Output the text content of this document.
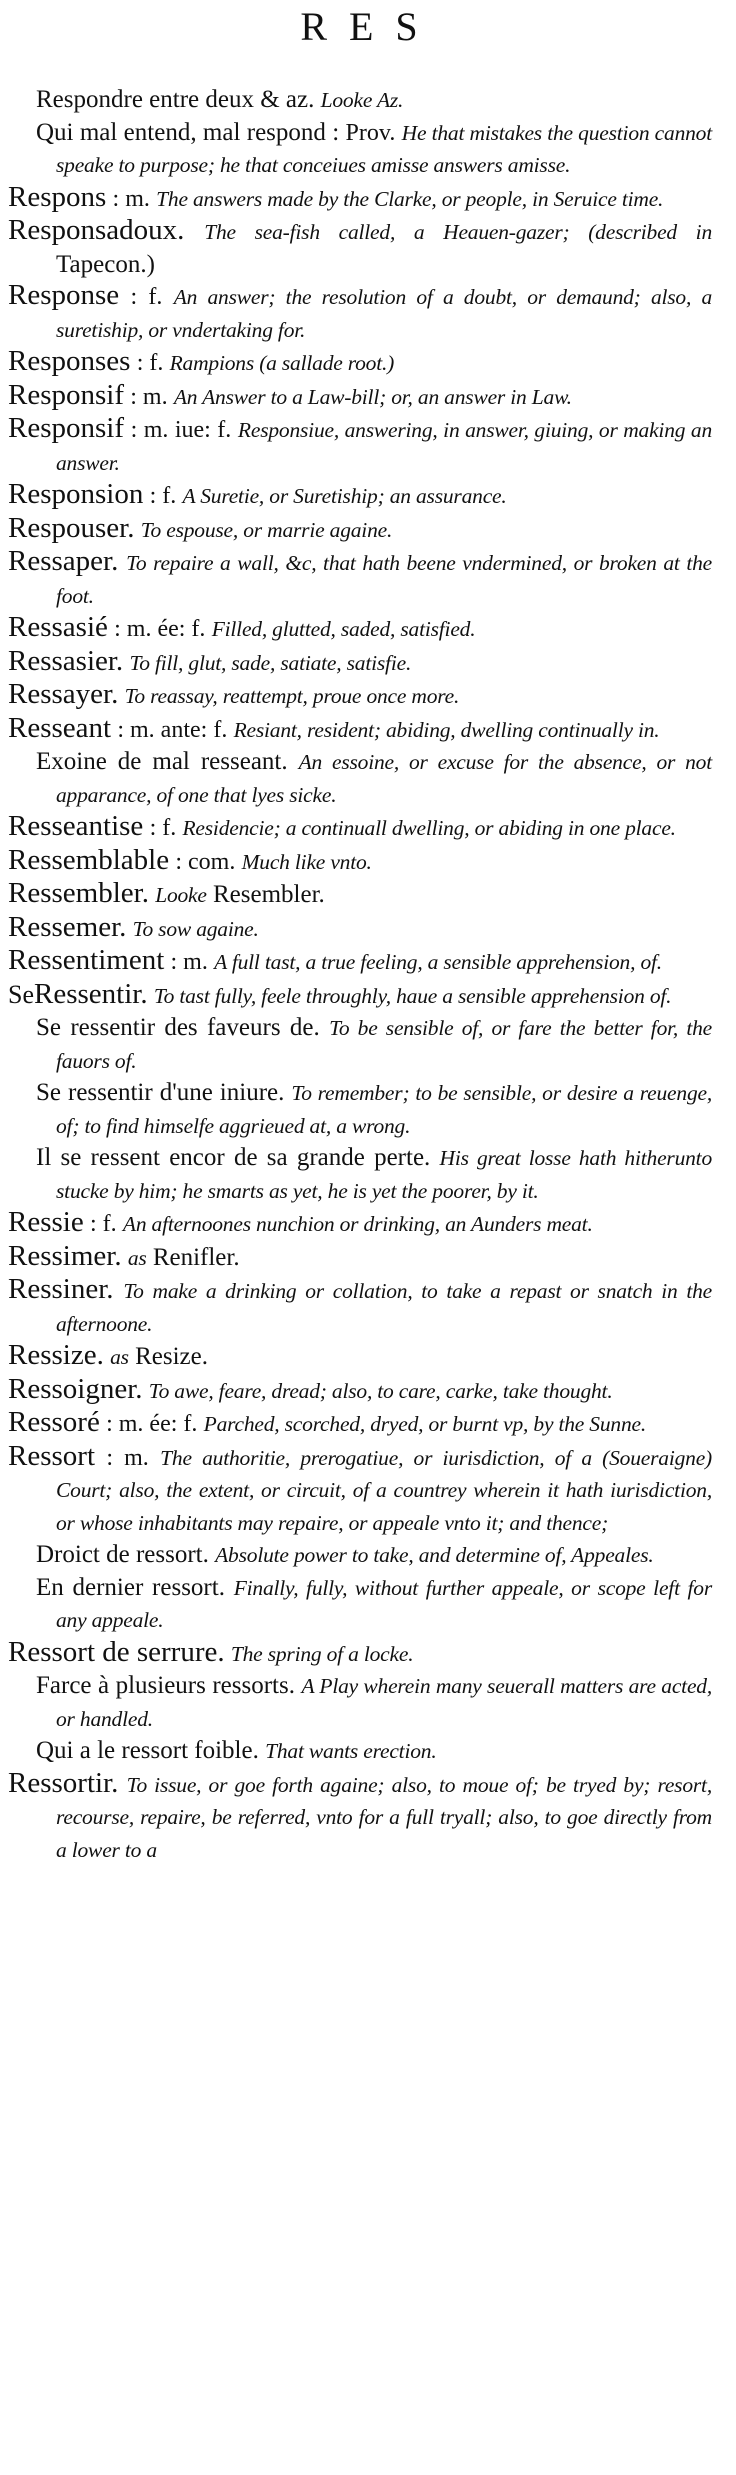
RES

Respondre entre deux & az. Looke Az.

Qui mal entend, mal respond : Prov. He that mistakes the question cannot speake to purpose; he that conceiues amisse answers amisse.

Respons : m. The answers made by the Clarke, or people, in Seruice time.

Responsadoux. The sea-fish called, a Heauen-gazer; (described in Tapecon.)

Response : f. An answer; the resolution of a doubt, or demaund; also, a suretiship, or vndertaking for.

Responses : f. Rampions (a sallade root.)

Responsif : m. An Answer to a Law-bill; or, an answer in Law.

Responsif : m. iue: f. Responsiue, answering, in answer, giuing, or making an answer.

Responsion : f. A Suretie, or Suretiship; an assurance.

Respouser. To espouse, or marrie againe.

Ressaper. To repaire a wall, &c, that hath beene vndermined, or broken at the foot.

Ressasié : m. ée: f. Filled, glutted, saded, satisfied.

Ressasier. To fill, glut, sade, satiate, satisfie.

Ressayer. To reassay, reattempt, proue once more.

Resseant : m. ante: f. Resiant, resident; abiding, dwelling continually in.

Exoine de mal resseant. An essoine, or excuse for the absence, or not apparance, of one that lyes sicke.

Resseantise : f. Residencie; a continuall dwelling, or abiding in one place.

Ressemblable : com. Much like vnto.

Ressembler. Looke Resembler.

Ressemer. To sow againe.

Ressentiment : m. A full tast, a true feeling, a sensible apprehension, of.

SeRessentir. To tast fully, feele throughly, haue a sensible apprehension of.

Se ressentir des faveurs de. To be sensible of, or fare the better for, the fauors of.

Se ressentir d'une iniure. To remember; to be sensible, or desire a reuenge, of; to find himselfe aggrieued at, a wrong.

Il se ressent encor de sa grande perte. His great losse hath hitherunto stucke by him; he smarts as yet, he is yet the poorer, by it.

Ressie : f. An afternoones nunchion or drinking, an Aunders meat.

Ressimer. as Renifler.

Ressiner. To make a drinking or collation, to take a repast or snatch in the afternoone.

Ressize. as Resize.

Ressoigner. To awe, feare, dread; also, to care, carke, take thought.

Ressoré : m. ée: f. Parched, scorched, dryed, or burnt vp, by the Sunne.

Ressort : m. The authoritie, prerogatiue, or iurisdiction, of a (Soueraigne) Court; also, the extent, or circuit, of a countrey wherein it hath iurisdiction, or whose inhabitants may repaire, or appeale vnto it; and thence;

Droict de ressort. Absolute power to take, and determine of, Appeales.

En dernier ressort. Finally, fully, without further appeale, or scope left for any appeale.

Ressort de serrure. The spring of a locke.

Farce à plusieurs ressorts. A Play wherein many seuerall matters are acted, or handled.

Qui a le ressort foible. That wants erection.

Ressortir. To issue, or goe forth againe; also, to moue of; be tryed by; resort, recourse, repaire, be referred, vnto for a full tryall; also, to goe directly from a lower to a
